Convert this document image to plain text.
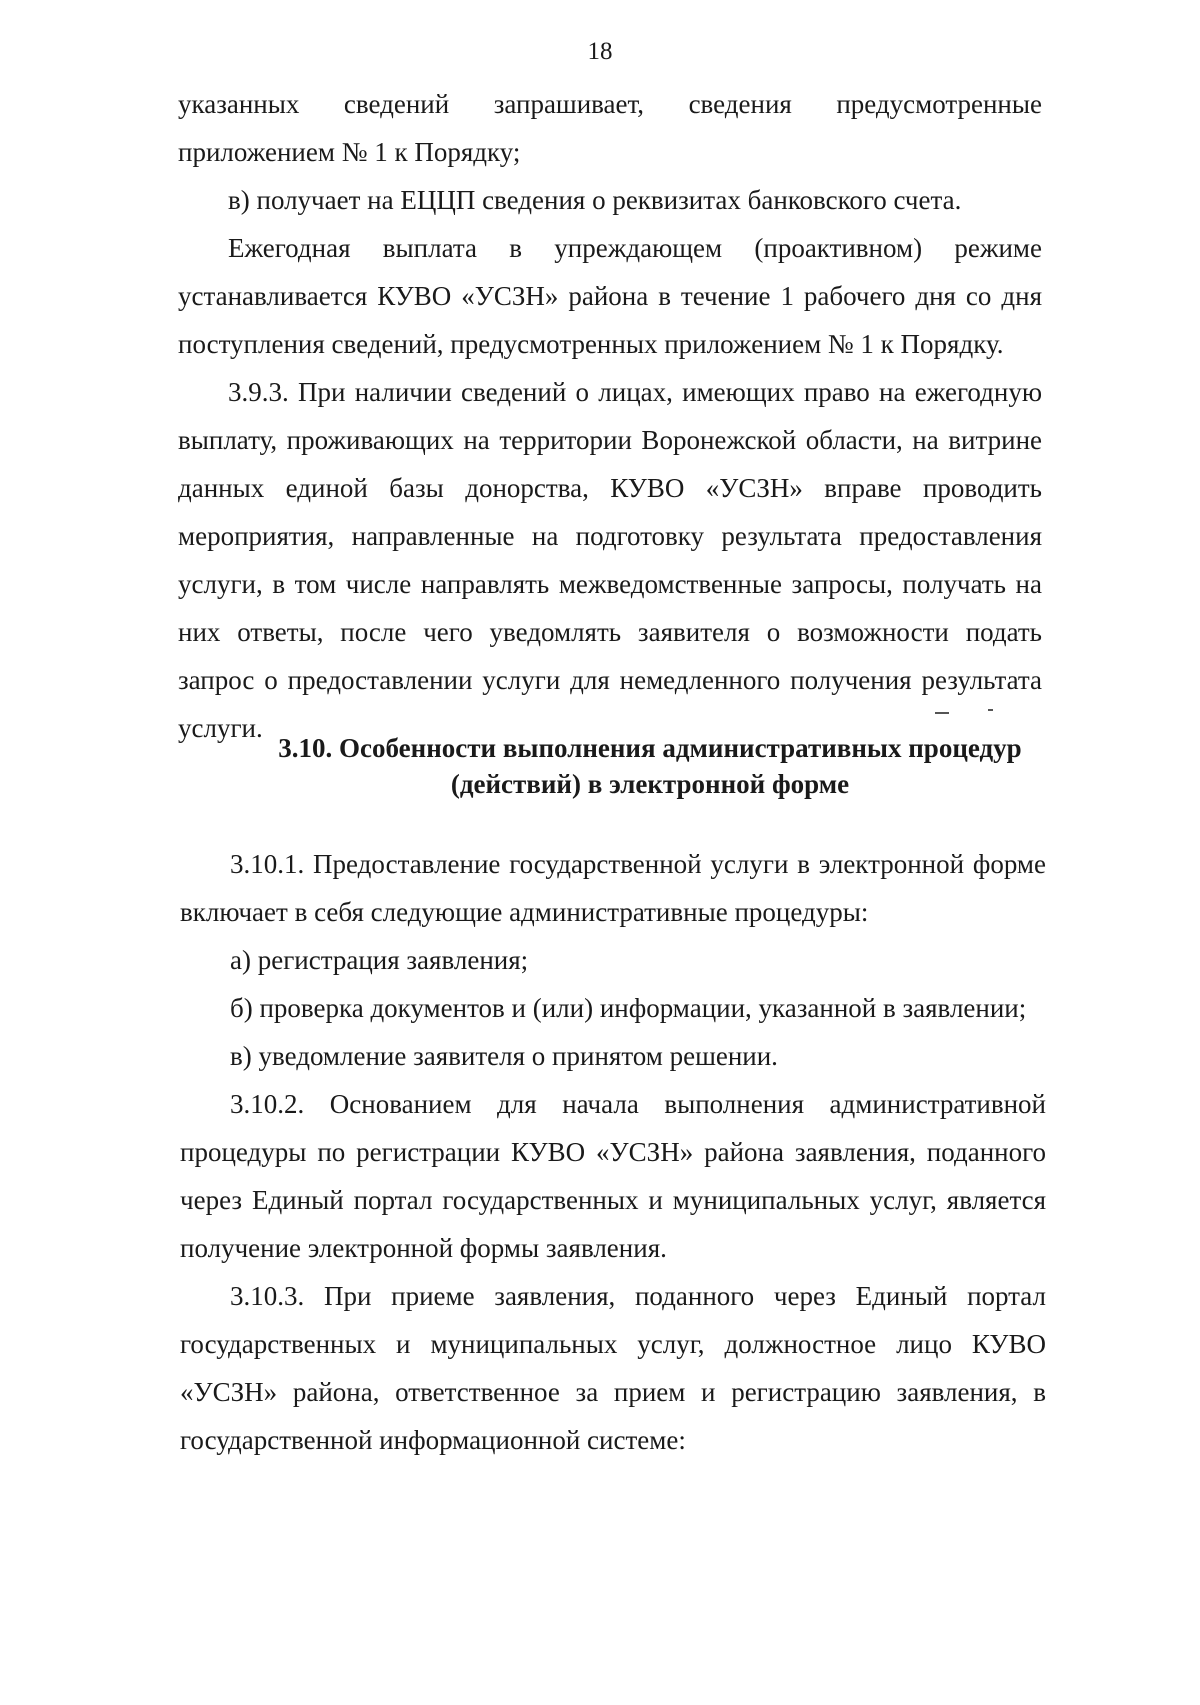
18

указанных сведений запрашивает, сведения предусмотренные приложением № 1 к Порядку;

в) получает на ЕЦЦП сведения о реквизитах банковского счета.

Ежегодная выплата в упреждающем (проактивном) режиме устанавливается КУВО «УСЗН» района в течение 1 рабочего дня со дня поступления сведений, предусмотренных приложением № 1 к Порядку.

3.9.3. При наличии сведений о лицах, имеющих право на ежегодную выплату, проживающих на территории Воронежской области, на витрине данных единой базы донорства, КУВО «УСЗН» вправе проводить мероприятия, направленные на подготовку результата предоставления услуги, в том числе направлять межведомственные запросы, получать на них ответы, после чего уведомлять заявителя о возможности подать запрос о предоставлении услуги для немедленного получения результата услуги.

3.10. Особенности выполнения административных процедур
(действий) в электронной форме

3.10.1. Предоставление государственной услуги в электронной форме включает в себя следующие административные процедуры:

а) регистрация заявления;

б) проверка документов и (или) информации, указанной в заявлении;

в) уведомление заявителя о принятом решении.

3.10.2. Основанием для начала выполнения административной процедуры по регистрации КУВО «УСЗН» района заявления, поданного через Единый портал государственных и муниципальных услуг, является получение электронной формы заявления.

3.10.3. При приеме заявления, поданного через Единый портал государственных и муниципальных услуг, должностное лицо КУВО «УСЗН» района, ответственное за прием и регистрацию заявления, в государственной информационной системе:
